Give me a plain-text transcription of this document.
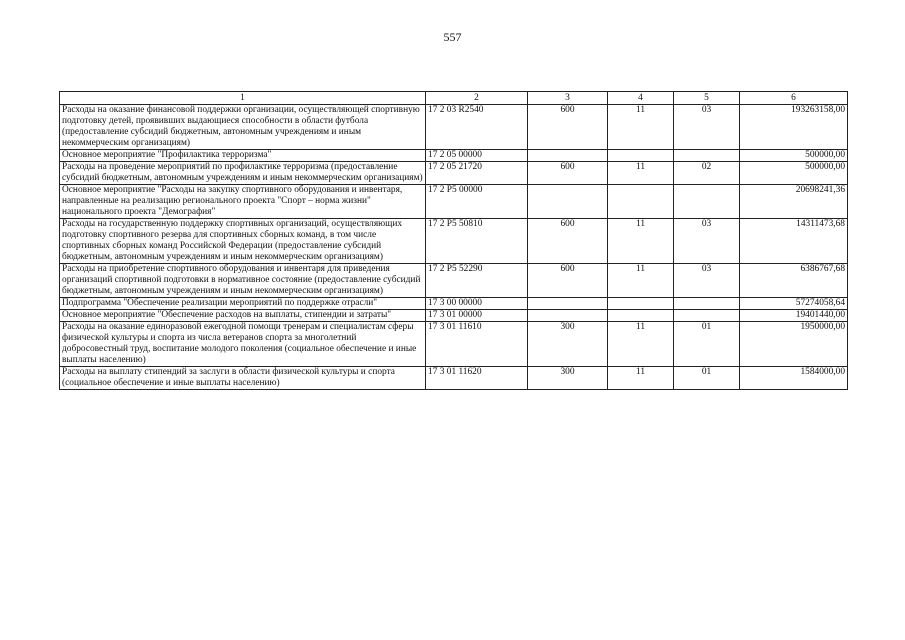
557
1	2	3	4	5	6
Расходы на оказание финансовой поддержки организации, осуществляющей спортивную подготовку детей, проявивших выдающиеся способности в области футбола (предоставление субсидий бюджетным, автономным учреждениям и иным некоммерческим организациям)	17 2 03 R2540	600	11	03	193263158,00
Основное мероприятие "Профилактика терроризма"	17 2 05 00000				500000,00
Расходы на проведение мероприятий по профилактике терроризма (предоставление субсидий бюджетным, автономным учреждениям и иным некоммерческим организациям)	17 2 05 21720	600	11	02	500000,00
Основное мероприятие "Расходы на закупку спортивного оборудования и инвентаря, направленные на реализацию регионального проекта "Спорт – норма жизни" национального проекта "Демография"	17 2 P5 00000				20698241,36
Расходы на государственную поддержку спортивных организаций, осуществляющих подготовку спортивного резерва для спортивных сборных команд, в том числе спортивных сборных команд Российской Федерации (предоставление субсидий бюджетным, автономным учреждениям и иным некоммерческим организациям)	17 2 P5 50810	600	11	03	14311473,68
Расходы на приобретение спортивного оборудования и инвентаря для приведения организаций спортивной подготовки в нормативное состояние (предоставление субсидий бюджетным, автономным учреждениям и иным некоммерческим организациям)	17 2 P5 52290	600	11	03	6386767,68
Подпрограмма "Обеспечение реализации мероприятий по поддержке отрасли"	17 3 00 00000				57274058,64
Основное мероприятие "Обеспечение расходов на выплаты, стипендии и затраты"	17 3 01 00000				19401440,00
Расходы на оказание единоразовой ежегодной помощи тренерам и специалистам сферы физической культуры и спорта из числа ветеранов спорта за многолетний добросовестный труд, воспитание молодого поколения (социальное обеспечение и иные выплаты населению)	17 3 01 11610	300	11	01	1950000,00
Расходы на выплату стипендий за заслуги в области физической культуры и спорта (социальное обеспечение и иные выплаты населению)	17 3 01 11620	300	11	01	1584000,00
